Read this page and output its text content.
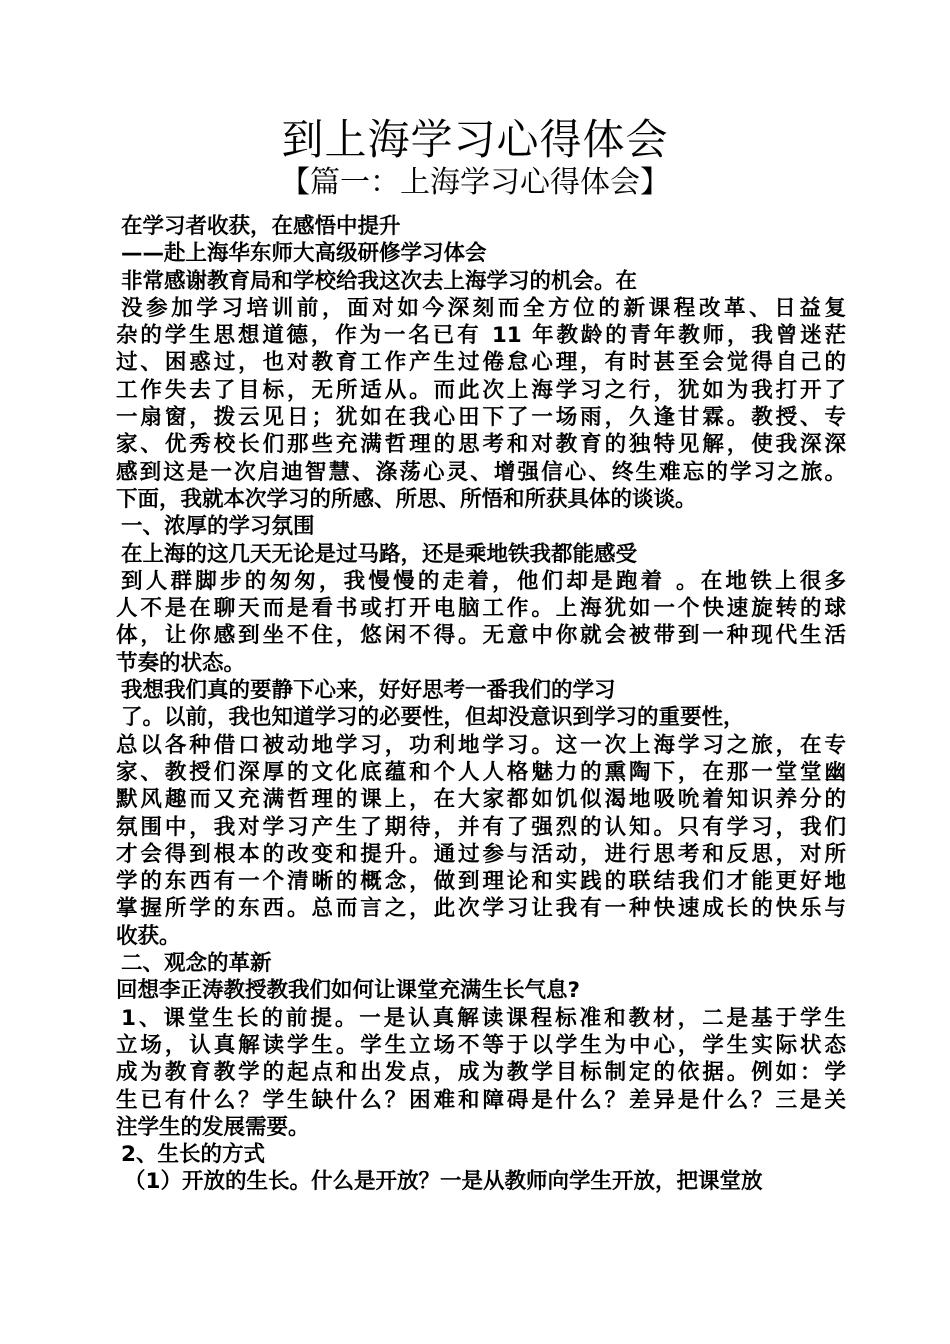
到上海学习心得体会
【篇一：上海学习心得体会】
在学习者收获，在感悟中提升
——赴上海华东师大高级研修学习体会
非常感谢教育局和学校给我这次去上海学习的机会。在
没参加学习培训前，面对如今深刻而全方位的新课程改革、日益复
杂的学生思想道德，作为一名已有 11 年教龄的青年教师，我曾迷茫
过、困惑过，也对教育工作产生过倦怠心理，有时甚至会觉得自己的
工作失去了目标，无所适从。而此次上海学习之行，犹如为我打开了
一扇窗，拨云见日；犹如在我心田下了一场雨，久逢甘霖。教授、专
家、优秀校长们那些充满哲理的思考和对教育的独特见解，使我深深
感到这是一次启迪智慧、涤荡心灵、增强信心、终生难忘的学习之旅。
下面，我就本次学习的所感、所思、所悟和所获具体的谈谈。
一、浓厚的学习氛围
在上海的这几天无论是过马路，还是乘地铁我都能感受
到人群脚步的匆匆，我慢慢的走着，他们却是跑着 。在地铁上很多
人不是在聊天而是看书或打开电脑工作。上海犹如一个快速旋转的球
体，让你感到坐不住，悠闲不得。无意中你就会被带到一种现代生活
节奏的状态。
我想我们真的要静下心来，好好思考一番我们的学习
了。以前，我也知道学习的必要性，但却没意识到学习的重要性，
总以各种借口被动地学习，功利地学习。这一次上海学习之旅，在专
家、教授们深厚的文化底蕴和个人人格魅力的熏陶下，在那一堂堂幽
默风趣而又充满哲理的课上，在大家都如饥似渴地吸吮着知识养分的
氛围中，我对学习产生了期待，并有了强烈的认知。只有学习，我们
才会得到根本的改变和提升。通过参与活动，进行思考和反思，对所
学的东西有一个清晰的概念，做到理论和实践的联结我们才能更好地
掌握所学的东西。总而言之，此次学习让我有一种快速成长的快乐与
收获。
二、观念的革新
回想李正涛教授教我们如何让课堂充满生长气息?
1、课堂生长的前提。一是认真解读课程标准和教材，二是基于学生
立场，认真解读学生。学生立场不等于以学生为中心，学生实际状态
成为教育教学的起点和出发点，成为教学目标制定的依据。例如：学
生已有什么？学生缺什么？困难和障碍是什么？差异是什么？三是关
注学生的发展需要。
2、生长的方式
（1）开放的生长。什么是开放？一是从教师向学生开放，把课堂放
